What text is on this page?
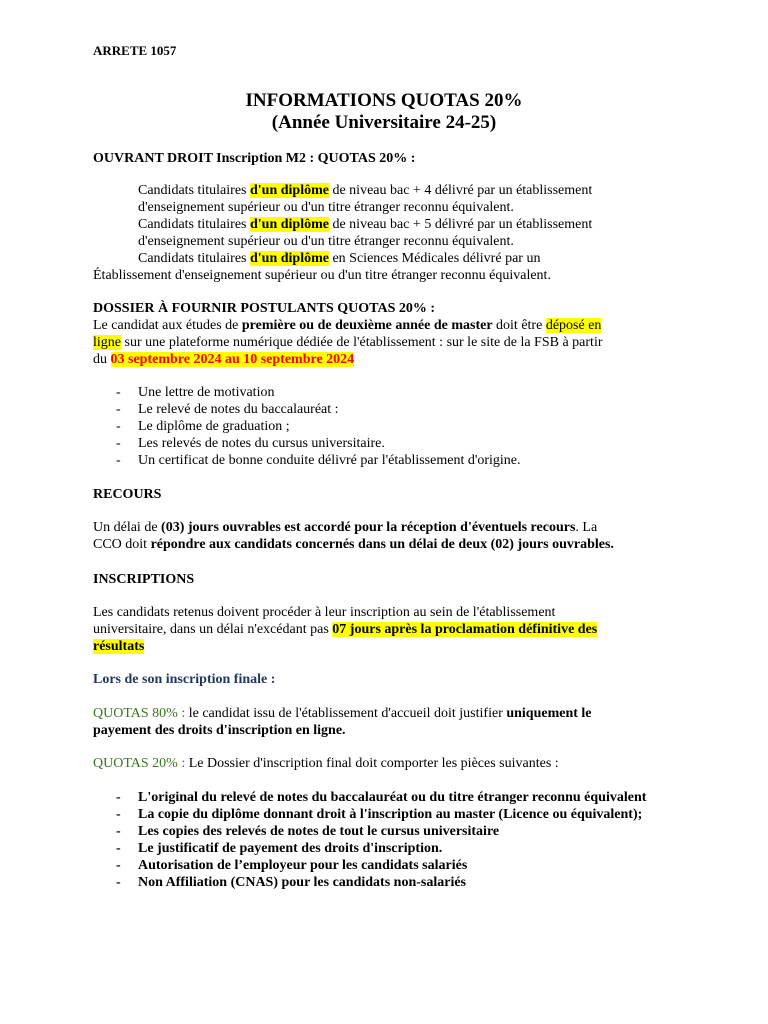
ARRETE 1057
INFORMATIONS QUOTAS 20%
(Année Universitaire 24-25)
OUVRANT DROIT Inscription M2 : QUOTAS 20% :
Candidats titulaires d'un diplôme de niveau bac + 4 délivré par un établissement
d'enseignement supérieur ou d'un titre étranger reconnu équivalent.
Candidats titulaires d'un diplôme de niveau bac + 5 délivré par un établissement
d'enseignement supérieur ou d'un titre étranger reconnu équivalent.
Candidats titulaires d'un diplôme en Sciences Médicales délivré par un
Établissement d'enseignement supérieur ou d'un titre étranger reconnu équivalent.
DOSSIER À FOURNIR POSTULANTS QUOTAS 20% :
Le candidat aux études de première ou de deuxième année de master doit être déposé en
ligne sur une plateforme numérique dédiée de l'établissement : sur le site de la FSB à partir
du 03 septembre 2024 au 10 septembre 2024
- Une lettre de motivation
- Le relevé de notes du baccalauréat :
- Le diplôme de graduation ;
- Les relevés de notes du cursus universitaire.
- Un certificat de bonne conduite délivré par l'établissement d'origine.
RECOURS
Un délai de (03) jours ouvrables est accordé pour la réception d'éventuels recours. La
CCO doit répondre aux candidats concernés dans un délai de deux (02) jours ouvrables.
INSCRIPTIONS
Les candidats retenus doivent procéder à leur inscription au sein de l'établissement
universitaire, dans un délai n'excédant pas 07 jours après la proclamation définitive des
résultats
Lors de son inscription finale :
QUOTAS 80% : le candidat issu de l'établissement d'accueil doit justifier uniquement le
payement des droits d'inscription en ligne.
QUOTAS 20% : Le Dossier d'inscription final doit comporter les pièces suivantes :
- L'original du relevé de notes du baccalauréat ou du titre étranger reconnu équivalent
- La copie du diplôme donnant droit à l'inscription au master (Licence ou équivalent);
- Les copies des relevés de notes de tout le cursus universitaire
- Le justificatif de payement des droits d'inscription.
- Autorisation de l’employeur pour les candidats salariés
- Non Affiliation (CNAS) pour les candidats non-salariés
